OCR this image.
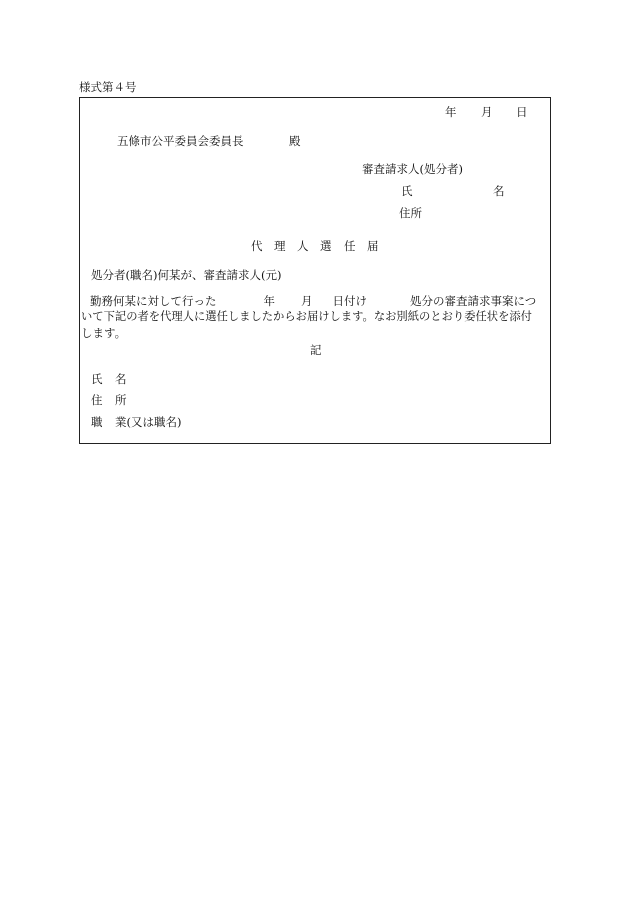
様式第４号
年 月 日
五條市公平委員会委員長	殿
審査請求人(処分者)
氏	名
住所
代 理 人 選 任 届
処分者(職名)何某が、審査請求人(元)
勤務何某に対して行った	年 月 日付け	処分の審査請求事案につ
いて下記の者を代理人に選任しましたからお届けします。なお別紙のとおり委任状を添付
します。
記
氏 名
住 所
職 業(又は職名)
